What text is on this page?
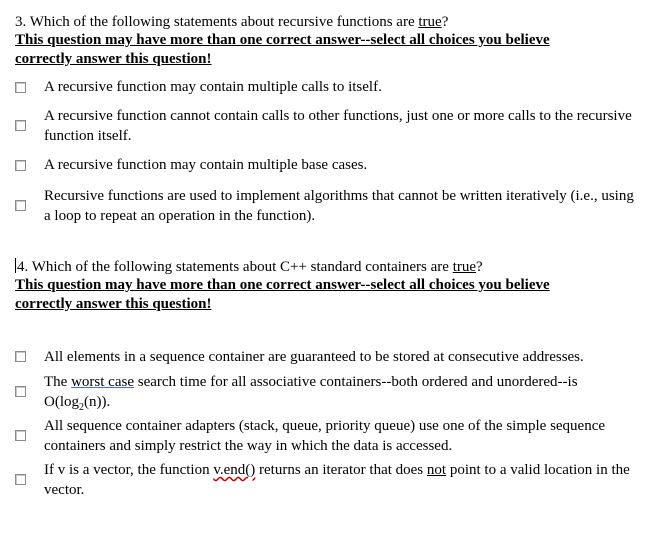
3. Which of the following statements about recursive functions are true?
This question may have more than one correct answer--select all choices you believe
correctly answer this question!
A recursive function may contain multiple calls to itself.
A recursive function cannot contain calls to other functions, just one or more calls to the recursive function itself.
A recursive function may contain multiple base cases.
Recursive functions are used to implement algorithms that cannot be written iteratively (i.e., using a loop to repeat an operation in the function).
4. Which of the following statements about C++ standard containers are true?
This question may have more than one correct answer--select all choices you believe
correctly answer this question!
All elements in a sequence container are guaranteed to be stored at consecutive addresses.
The worst case search time for all associative containers--both ordered and unordered--is $O(\log_2(n))$.
All sequence container adapters (stack, queue, priority queue) use one of the simple sequence containers and simply restrict the way in which the data is accessed.
If v is a vector, the function v.end() returns an iterator that does not point to a valid location in the vector.
